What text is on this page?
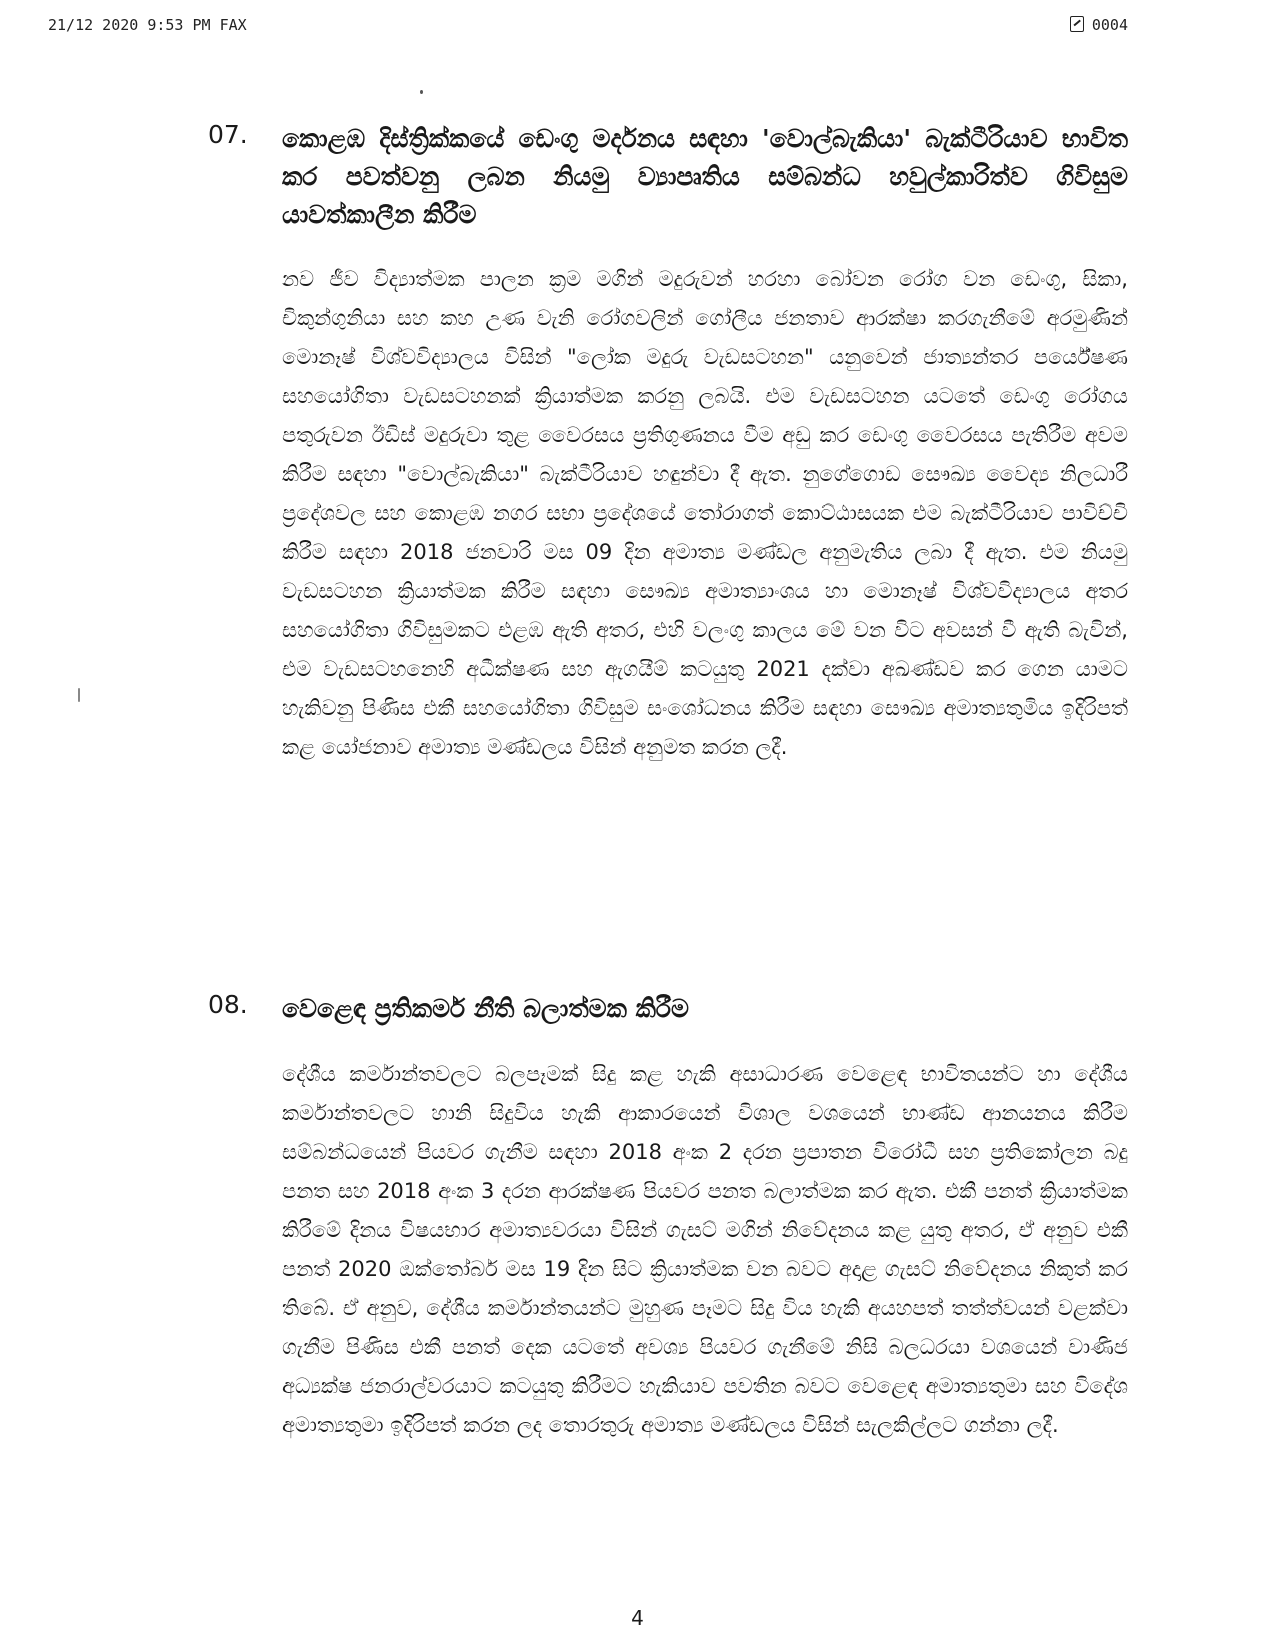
21/12 2020 9:53 PM FAX	0004
07. කොළඹ දිස්ත්‍රික්කයේ ඩෙංගු මර්දනය සඳහා 'වොල්බැකියා' බැක්ටීරියාව භාවිත කර පවත්වනු ලබන නියමු ව්‍යාපෘතිය සම්බන්ධ හවුල්කාරිත්ව ගිවිසුම යාවත්කාලීන කිරීම
නව ජීව විද්‍යාත්මක පාලන ක්‍රම මගින් මදුරුවන් හරහා බෝවන රෝග වන ඩෙංගු, සිකා, චිකුන්ගුනියා සහ කහ උණ වැනි රෝගවලින් ගෝලීය ජනතාව ආරක්ෂා කරගැනීමේ අරමුණින් මොනෑෂ් විශ්වවිද්‍යාලය විසින් "ලෝක මදුරු වැඩසටහන" යනුවෙන් ජාත්‍යන්තර පර්යේෂණ සහයෝගිතා වැඩසටහනක් ක්‍රියාත්මක කරනු ලබයි. එම වැඩසටහන යටතේ ඩෙංගු රෝගය පතුරුවන ඊඩිස් මදුරුවා තුළ වෛරසය ප්‍රතිගුණනය වීම අඩු කර ඩෙංගු වෛරසය පැතිරීම අවම කිරීම සඳහා "වොල්බැකියා" බැක්ටීරියාව හඳුන්වා දී ඇත. නුගේගොඩ සෞඛ්‍ය වෛද්‍ය නිලධාරී ප්‍රදේශවල සහ කොළඹ නගර සභා ප්‍රදේශයේ තෝරාගත් කොට්ඨාසයක එම බැක්ටීරියාව පාවිච්චි කිරීම සඳහා 2018 ජනවාරි මස 09 දින අමාත්‍ය මණ්ඩල අනුමැතිය ලබා දී ඇත. එම නියමු වැඩසටහන ක්‍රියාත්මක කිරීම සඳහා සෞඛ්‍ය අමාත්‍යාංශය හා මොනෑෂ් විශ්වවිද්‍යාලය අතර සහයෝගිතා ගිවිසුමකට එළඹ ඇති අතර, එහි වලංගු කාලය මේ වන විට අවසන් වී ඇති බැවින්, එම වැඩසටහනෙහි අධීක්ෂණ සහ ඇගයීම් කටයුතු 2021 දක්වා අඛණ්ඩව කර ගෙන යාමට හැකිවනු පිණිස එකී සහයෝගිතා ගිවිසුම සංශෝධනය කිරීම සඳහා සෞඛ්‍ය අමාත්‍යතුමිය ඉදිරිපත් කළ යෝජනාව අමාත්‍ය මණ්ඩලය විසින් අනුමත කරන ලදී.
08. වෙළෙඳ ප්‍රතිකර්ම නීති බලාත්මක කිරීම
දේශීය කර්මාන්තවලට බලපෑමක් සිදු කළ හැකි අසාධාරණ වෙළෙඳ භාවිතයන්ට හා දේශීය කර්මාන්තවලට හානි සිදුවිය හැකි ආකාරයෙන් විශාල වශයෙන් භාණ්ඩ ආනයනය කිරීම සම්බන්ධයෙන් පියවර ගැනීම සඳහා 2018 අංක 2 දරන ප්‍රපාතන විරෝධී සහ ප්‍රතිකෝලන බදු පනත සහ 2018 අංක 3 දරන ආරක්ෂණ පියවර පනත බලාත්මක කර ඇත. එකී පනත් ක්‍රියාත්මක කිරීමේ දිනය විෂයභාර අමාත්‍යවරයා විසින් ගැසට් මගින් නිවේදනය කළ යුතු අතර, ඒ අනුව එකී පනත් 2020 ඔක්තෝබර් මස 19 දින සිට ක්‍රියාත්මක වන බවට අදාළ ගැසට් නිවේදනය නිකුත් කර තිබේ. ඒ අනුව, දේශීය කර්මාන්තයන්ට මුහුණ පෑමට සිදු විය හැකි අයහපත් තත්ත්වයන් වළක්වා ගැනීම පිණිස එකී පනත් දෙක යටතේ අවශ්‍ය පියවර ගැනීමේ නිසි බලධරයා වශයෙන් වාණිජ අධ්‍යක්ෂ ජනරාල්වරයාට කටයුතු කිරීමට හැකියාව පවතින බවට වෙළෙඳ අමාත්‍යතුමා සහ විදේශ අමාත්‍යතුමා ඉදිරිපත් කරන ලද තොරතුරු අමාත්‍ය මණ්ඩලය විසින් සැලකිල්ලට ගන්නා ලදී.
4
